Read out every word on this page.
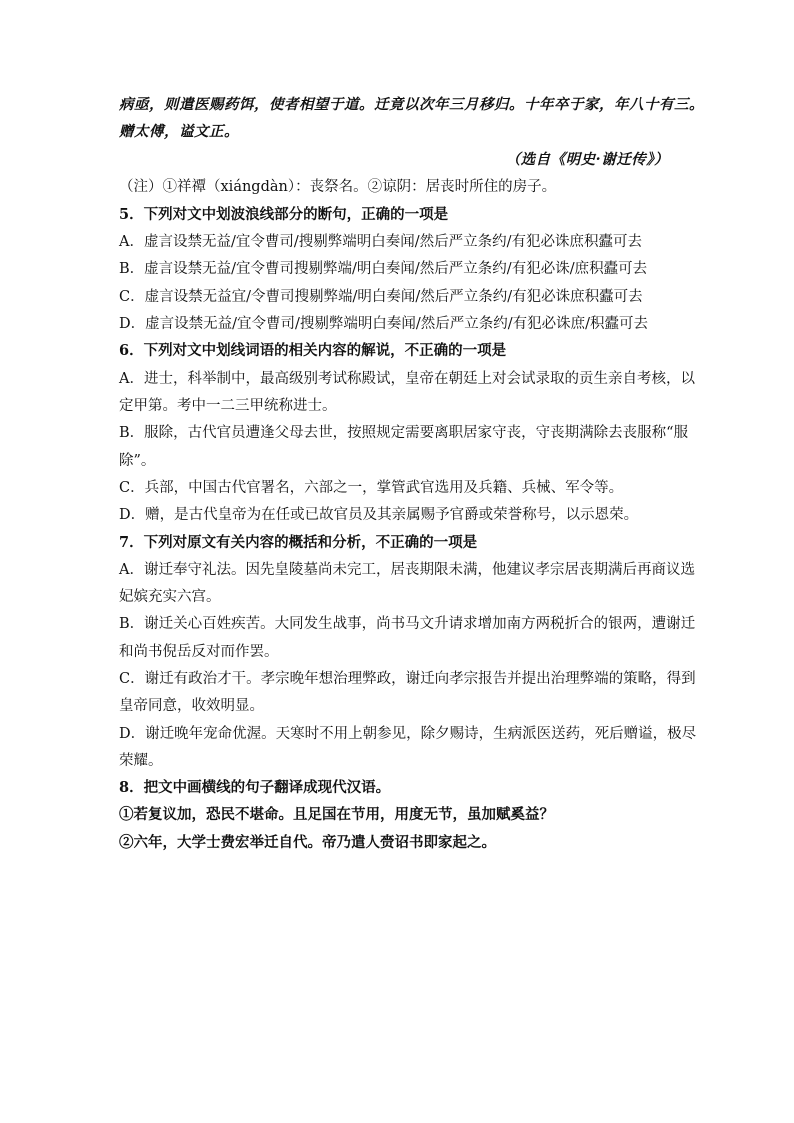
病亟，则遣医赐药饵，使者相望于道。迁竟以次年三月移归。十年卒于家，年八十有三。
赠太傅，谥文正。
（选自《明史·谢迁传》）
（注）①祥禫（xiángdàn）：丧祭名。②谅阴：居丧时所住的房子。
5．下列对文中划波浪线部分的断句，正确的一项是
A．虚言设禁无益/宜令曹司/搜剔弊端明白奏闻/然后严立条约/有犯必诛庶积蠹可去
B．虚言设禁无益/宜令曹司搜剔弊端/明白奏闻/然后严立条约/有犯必诛/庶积蠹可去
C．虚言设禁无益宜/令曹司搜剔弊端/明白奏闻/然后严立条约/有犯必诛庶积蠹可去
D．虚言设禁无益/宜令曹司/搜剔弊端明白奏闻/然后严立条约/有犯必诛庶/积蠹可去
6．下列对文中划线词语的相关内容的解说，不正确的一项是
A．进士，科举制中，最高级别考试称殿试，皇帝在朝廷上对会试录取的贡生亲自考核，以
定甲第。考中一二三甲统称进士。
B．服除，古代官员遭逢父母去世，按照规定需要离职居家守丧，守丧期满除去丧服称“服
除”。
C．兵部，中国古代官署名，六部之一，掌管武官选用及兵籍、兵械、军令等。
D．赠，是古代皇帝为在任或已故官员及其亲属赐予官爵或荣誉称号，以示恩荣。
7．下列对原文有关内容的概括和分析，不正确的一项是
A．谢迁奉守礼法。因先皇陵墓尚未完工，居丧期限未满，他建议孝宗居丧期满后再商议选
妃嫔充实六宫。
B．谢迁关心百姓疾苦。大同发生战事，尚书马文升请求增加南方两税折合的银两，遭谢迁
和尚书倪岳反对而作罢。
C．谢迁有政治才干。孝宗晚年想治理弊政，谢迁向孝宗报告并提出治理弊端的策略，得到
皇帝同意，收效明显。
D．谢迁晚年宠命优渥。天寒时不用上朝参见，除夕赐诗，生病派医送药，死后赠谥，极尽
荣耀。
8．把文中画横线的句子翻译成现代汉语。
①若复议加，恐民不堪命。且足国在节用，用度无节，虽加赋奚益？
②六年，大学士费宏举迁自代。帝乃遣人赍诏书即家起之。
